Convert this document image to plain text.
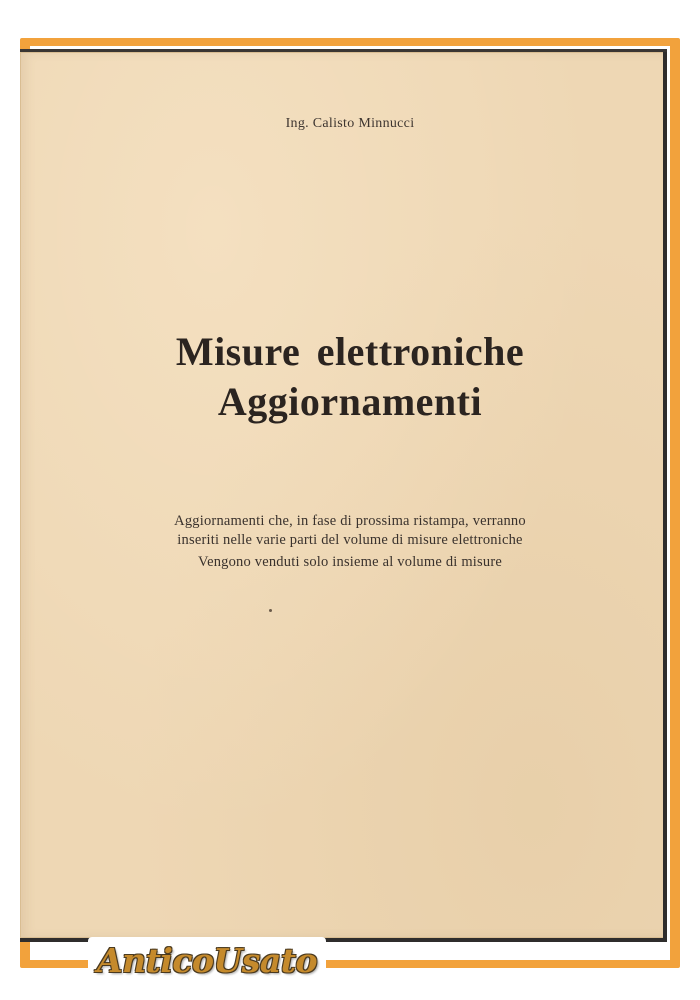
Ing. Calisto Minnucci
Misure elettroniche
Aggiornamenti
Aggiornamenti che, in fase di prossima ristampa, verranno
inseriti nelle varie parti del volume di misure elettroniche
Vengono venduti solo insieme al volume di misure
AnticoUsato
